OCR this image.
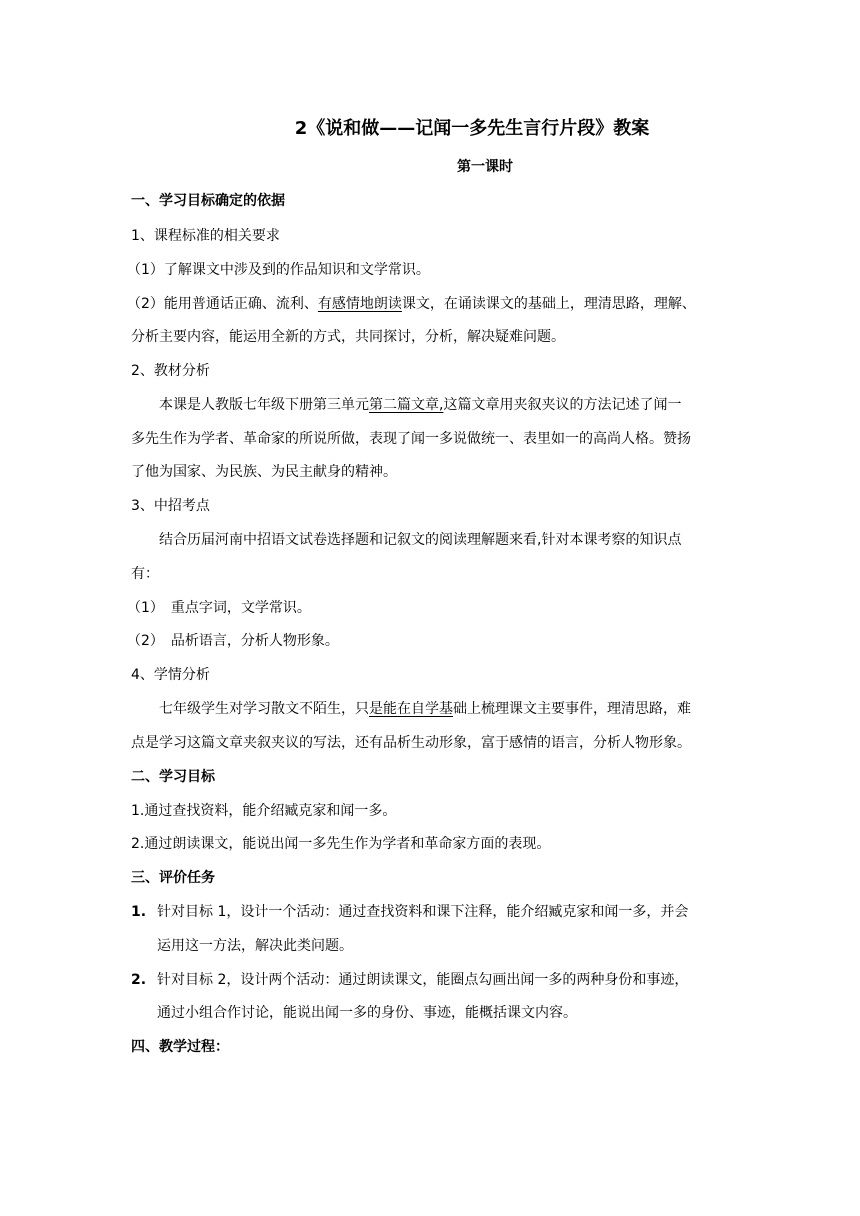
2《说和做——记闻一多先生言行片段》教案
第一课时
一、学习目标确定的依据
1、课程标准的相关要求
（1）了解课文中涉及到的作品知识和文学常识。
（2）能用普通话正确、流利、有感情地朗读课文，在诵读课文的基础上，理清思路，理解、
分析主要内容，能运用全新的方式，共同探讨，分析，解决疑难问题。
2、教材分析
本课是人教版七年级下册第三单元第二篇文章,这篇文章用夹叙夹议的方法记述了闻一
多先生作为学者、革命家的所说所做，表现了闻一多说做统一、表里如一的高尚人格。赞扬
了他为国家、为民族、为民主献身的精神。
3、中招考点
结合历届河南中招语文试卷选择题和记叙文的阅读理解题来看,针对本课考察的知识点
有：
（1）　重点字词，文学常识。
（2）　品析语言，分析人物形象。
4、学情分析
七年级学生对学习散文不陌生，只是能在自学基础上梳理课文主要事件，理清思路，难
点是学习这篇文章夹叙夹议的写法，还有品析生动形象，富于感情的语言，分析人物形象。
二、学习目标
1.通过查找资料，能介绍臧克家和闻一多。
2.通过朗读课文，能说出闻一多先生作为学者和革命家方面的表现。
三、评价任务
1. 针对目标 1，设计一个活动：通过查找资料和课下注释，能介绍臧克家和闻一多，并会
运用这一方法，解决此类问题。
2. 针对目标 2，设计两个活动：通过朗读课文，能圈点勾画出闻一多的两种身份和事迹，
通过小组合作讨论，能说出闻一多的身份、事迹，能概括课文内容。
四、教学过程：
